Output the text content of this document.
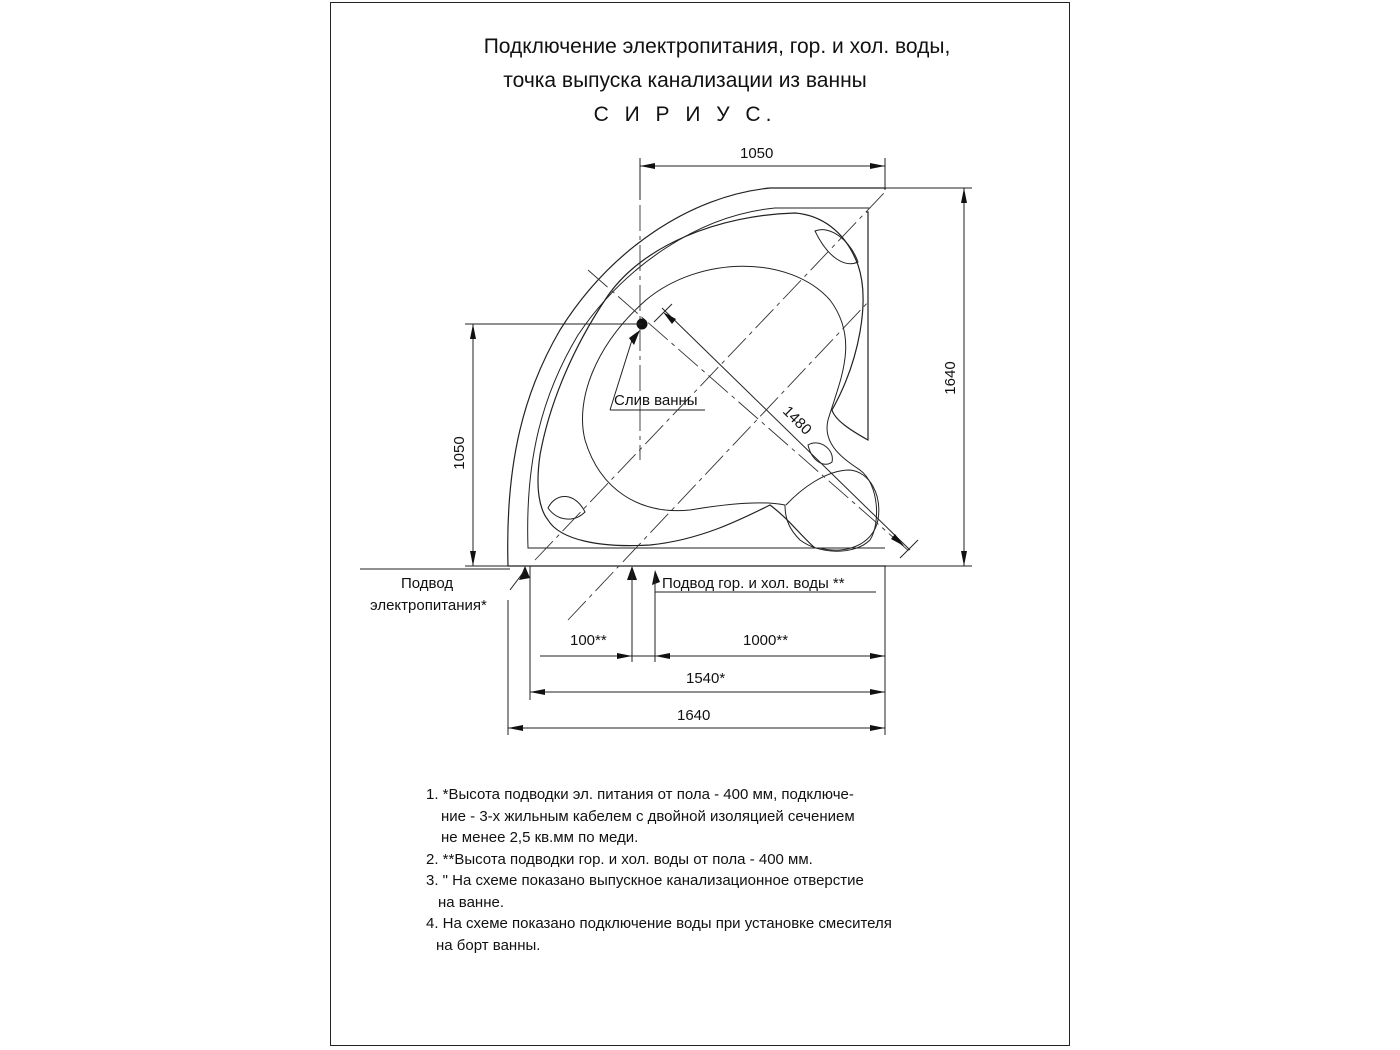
Подключение электропитания, гор. и хол. воды,
точка выпуска канализации из ванны
С И Р И У С.
1050
1640
1050
1480
100**	1000**
1540*
1640
Слив ванны
Подвод гор. и хол. воды **
Подвод
электропитания*
1. *Высота подводки эл. питания от пола - 400 мм, подключе-
ние - 3-х жильным кабелем с двойной изоляцией сечением
не менее 2,5 кв.мм по меди.
2. **Высота подводки гор. и хол. воды от пола - 400 мм.
3. " На схеме показано выпускное канализационное отверстие
на ванне.
4. На схеме показано подключение воды при установке смесителя
на борт ванны.
